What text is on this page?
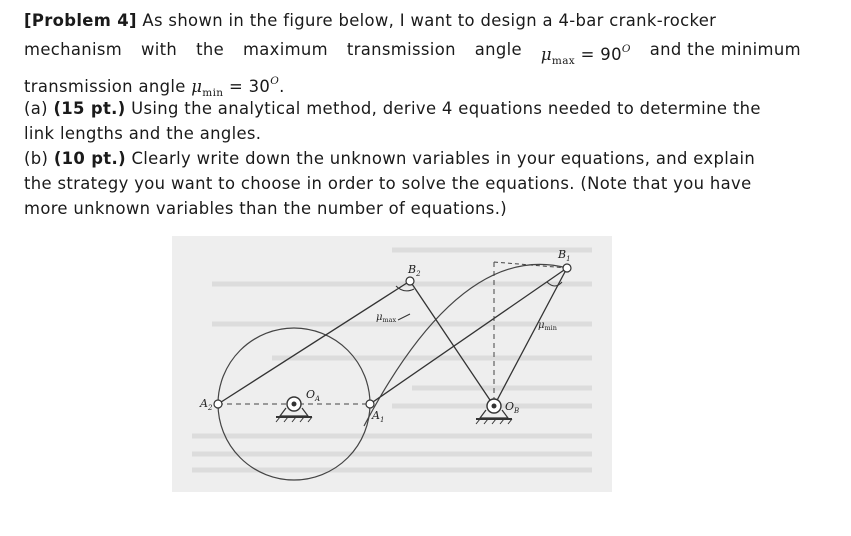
[Problem 4] As shown in the figure below, I want to design a 4-bar crank-rocker
mechanism with the maximum transmission angle $\mu_{max} = 90^O$ and the minimum
transmission angle $\mu_{min} = 30^O$.
(a) (15 pt.) Using the analytical method, derive 4 equations needed to determine the
link lengths and the angles.
(b) (10 pt.) Clearly write down the unknown variables in your equations, and explain
the strategy you want to choose in order to solve the equations. (Note that you have
more unknown variables than the number of equations.)
$B_2$
$B_1$
$A_2$
$A_1$
$O_A$
$O_B$
$\mu_{max}$	$\mu_{min}$
